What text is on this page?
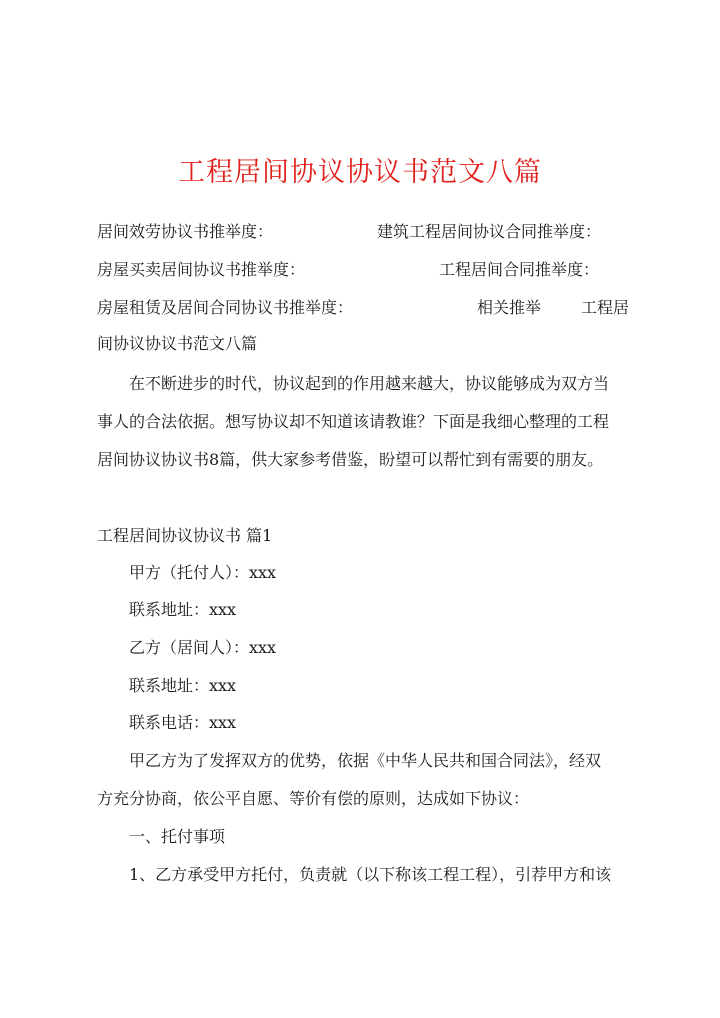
工程居间协议协议书范文八篇
居间效劳协议书推举度：	建筑工程居间协议合同推举度：
房屋买卖居间协议书推举度：	工程居间合同推举度：
房屋租赁及居间合同协议书推举度：	相关推举 工程居
间协议协议书范文八篇
在不断进步的时代，协议起到的作用越来越大，协议能够成为双方当
事人的合法依据。想写协议却不知道该请教谁？下面是我细心整理的工程
居间协议协议书8篇，供大家参考借鉴，盼望可以帮忙到有需要的朋友。
工程居间协议协议书 篇1
甲方（托付人）：xxx
联系地址：xxx
乙方（居间人）：xxx
联系地址：xxx
联系电话：xxx
甲乙方为了发挥双方的优势，依据《中华人民共和国合同法》，经双
方充分协商，依公平自愿、等价有偿的原则，达成如下协议：
一、托付事项
1、乙方承受甲方托付，负责就（以下称该工程工程），引荐甲方和该
